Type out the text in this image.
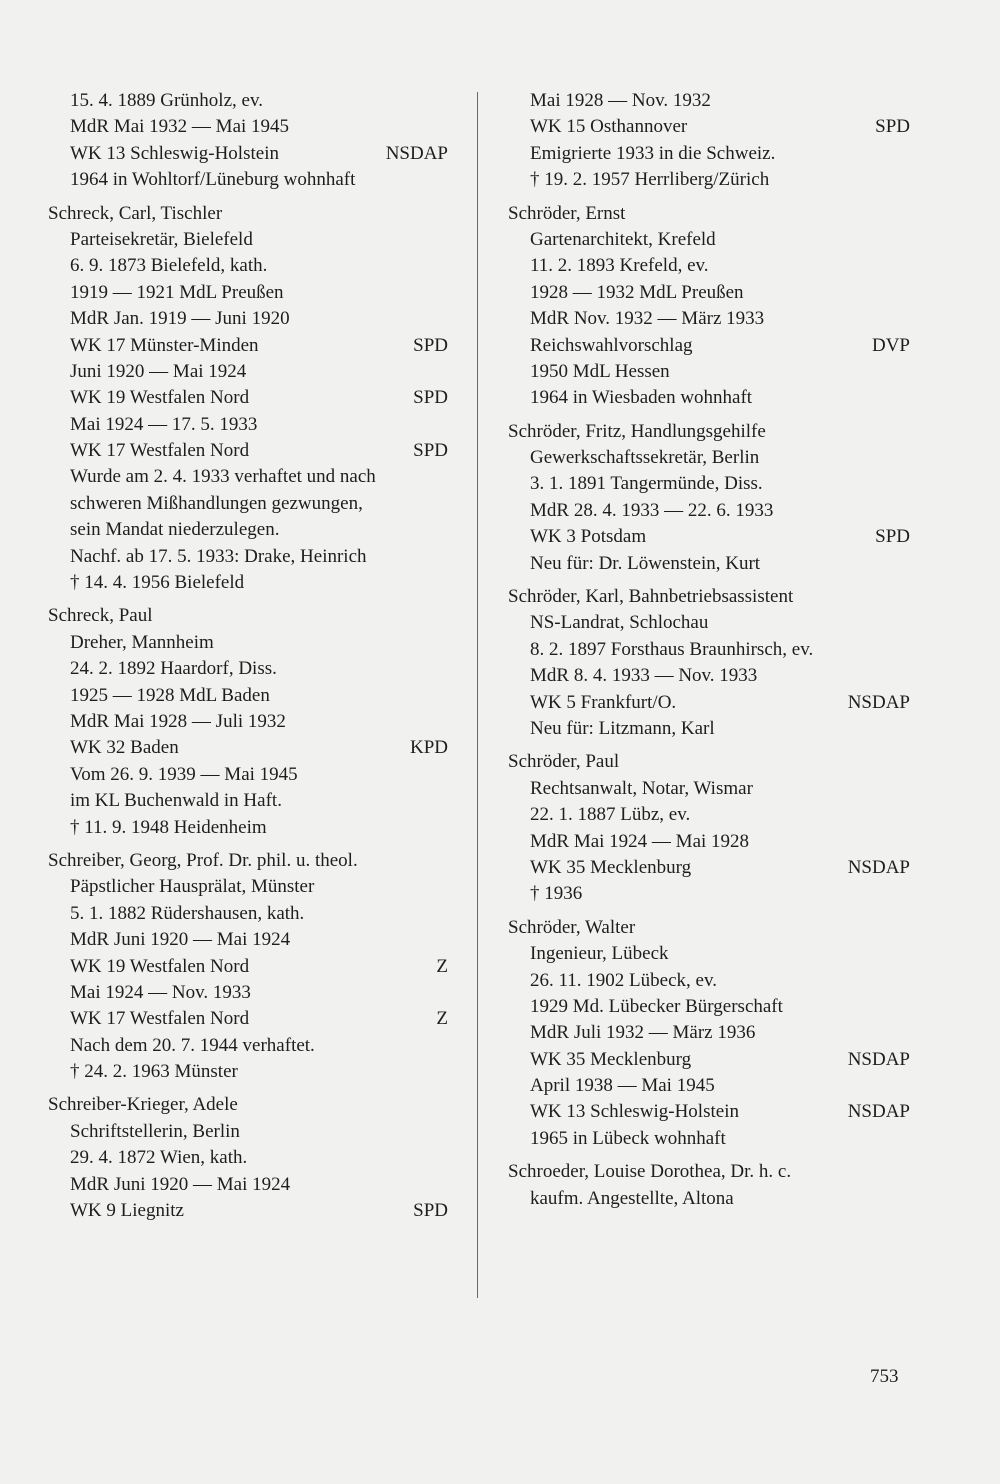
15. 4. 1889 Grünholz, ev.
MdR Mai 1932 — Mai 1945
WK 13 Schleswig-Holstein	NSDAP
1964 in Wohltorf/Lüneburg wohnhaft
Schreck, Carl, Tischler
Parteisekretär, Bielefeld
6. 9. 1873 Bielefeld, kath.
1919 — 1921 MdL Preußen
MdR Jan. 1919 — Juni 1920
WK 17 Münster-Minden	SPD
Juni 1920 — Mai 1924
WK 19 Westfalen Nord	SPD
Mai 1924 — 17. 5. 1933
WK 17 Westfalen Nord	SPD
Wurde am 2. 4. 1933 verhaftet und nach
schweren Mißhandlungen gezwungen,
sein Mandat niederzulegen.
Nachf. ab 17. 5. 1933: Drake, Heinrich
† 14. 4. 1956 Bielefeld
Schreck, Paul
Dreher, Mannheim
24. 2. 1892 Haardorf, Diss.
1925 — 1928 MdL Baden
MdR Mai 1928 — Juli 1932
WK 32 Baden	KPD
Vom 26. 9. 1939 — Mai 1945
im KL Buchenwald in Haft.
† 11. 9. 1948 Heidenheim
Schreiber, Georg, Prof. Dr. phil. u. theol.
Päpstlicher Hausprälat, Münster
5. 1. 1882 Rüdershausen, kath.
MdR Juni 1920 — Mai 1924
WK 19 Westfalen Nord	Z
Mai 1924 — Nov. 1933
WK 17 Westfalen Nord	Z
Nach dem 20. 7. 1944 verhaftet.
† 24. 2. 1963 Münster
Schreiber-Krieger, Adele
Schriftstellerin, Berlin
29. 4. 1872 Wien, kath.
MdR Juni 1920 — Mai 1924
WK 9 Liegnitz	SPD
Mai 1928 — Nov. 1932
WK 15 Osthannover	SPD
Emigrierte 1933 in die Schweiz.
† 19. 2. 1957 Herrliberg/Zürich
Schröder, Ernst
Gartenarchitekt, Krefeld
11. 2. 1893 Krefeld, ev.
1928 — 1932 MdL Preußen
MdR Nov. 1932 — März 1933
Reichswahlvorschlag	DVP
1950 MdL Hessen
1964 in Wiesbaden wohnhaft
Schröder, Fritz, Handlungsgehilfe
Gewerkschaftssekretär, Berlin
3. 1. 1891 Tangermünde, Diss.
MdR 28. 4. 1933 — 22. 6. 1933
WK 3 Potsdam	SPD
Neu für: Dr. Löwenstein, Kurt
Schröder, Karl, Bahnbetriebsassistent
NS-Landrat, Schlochau
8. 2. 1897 Forsthaus Braunhirsch, ev.
MdR 8. 4. 1933 — Nov. 1933
WK 5 Frankfurt/O.	NSDAP
Neu für: Litzmann, Karl
Schröder, Paul
Rechtsanwalt, Notar, Wismar
22. 1. 1887 Lübz, ev.
MdR Mai 1924 — Mai 1928
WK 35 Mecklenburg	NSDAP
† 1936
Schröder, Walter
Ingenieur, Lübeck
26. 11. 1902 Lübeck, ev.
1929 Md. Lübecker Bürgerschaft
MdR Juli 1932 — März 1936
WK 35 Mecklenburg	NSDAP
April 1938 — Mai 1945
WK 13 Schleswig-Holstein	NSDAP
1965 in Lübeck wohnhaft
Schroeder, Louise Dorothea, Dr. h. c.
kaufm. Angestellte, Altona
753
